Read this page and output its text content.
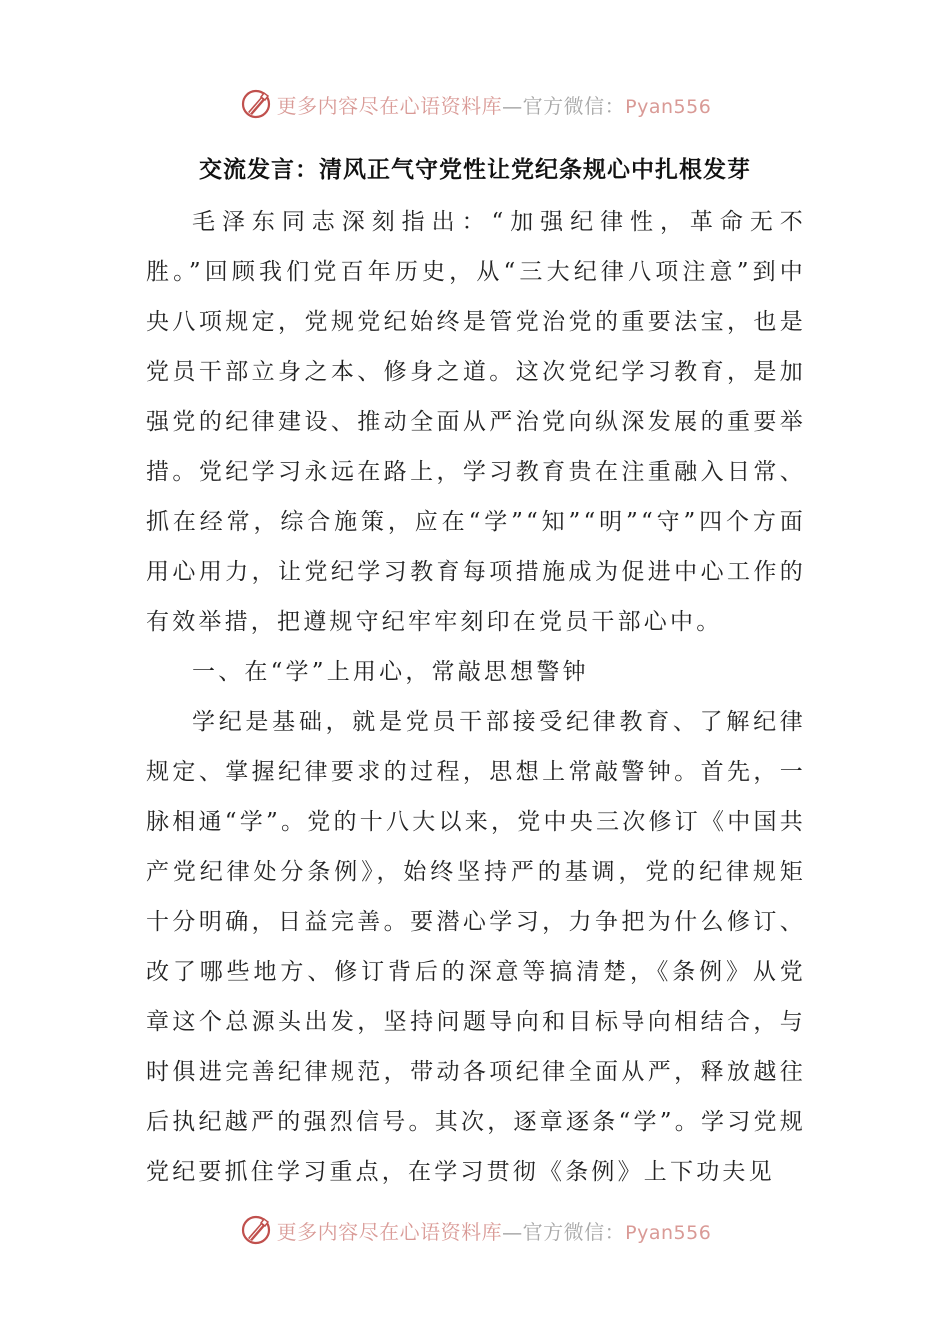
更多内容尽在心语资料库—官方微信：Pyan556
交流发言：清风正气守党性让党纪条规心中扎根发芽

毛泽东同志深刻指出：“加强纪律性，革命无不胜。”回顾我们党百年历史，从“三大纪律八项注意”到中央八项规定，党规党纪始终是管党治党的重要法宝，也是党员干部立身之本、修身之道。这次党纪学习教育，是加强党的纪律建设、推动全面从严治党向纵深发展的重要举措。党纪学习永远在路上，学习教育贵在注重融入日常、抓在经常，综合施策，应在“学”“知”“明”“守”四个方面用心用力，让党纪学习教育每项措施成为促进中心工作的有效举措，把遵规守纪牢牢刻印在党员干部心中。

一、在“学”上用心，常敲思想警钟

学纪是基础，就是党员干部接受纪律教育、了解纪律规定、掌握纪律要求的过程，思想上常敲警钟。首先，一脉相通“学”。党的十八大以来，党中央三次修订《中国共产党纪律处分条例》，始终坚持严的基调，党的纪律规矩十分明确，日益完善。要潜心学习，力争把为什么修订、改了哪些地方、修订背后的深意等搞清楚，《条例》从党章这个总源头出发，坚持问题导向和目标导向相结合，与时俱进完善纪律规范，带动各项纪律全面从严，释放越往后执纪越严的强烈信号。其次，逐章逐条“学”。学习党规党纪要抓住学习重点，在学习贯彻《条例》上下功夫见

更多内容尽在心语资料库—官方微信：Pyan556
